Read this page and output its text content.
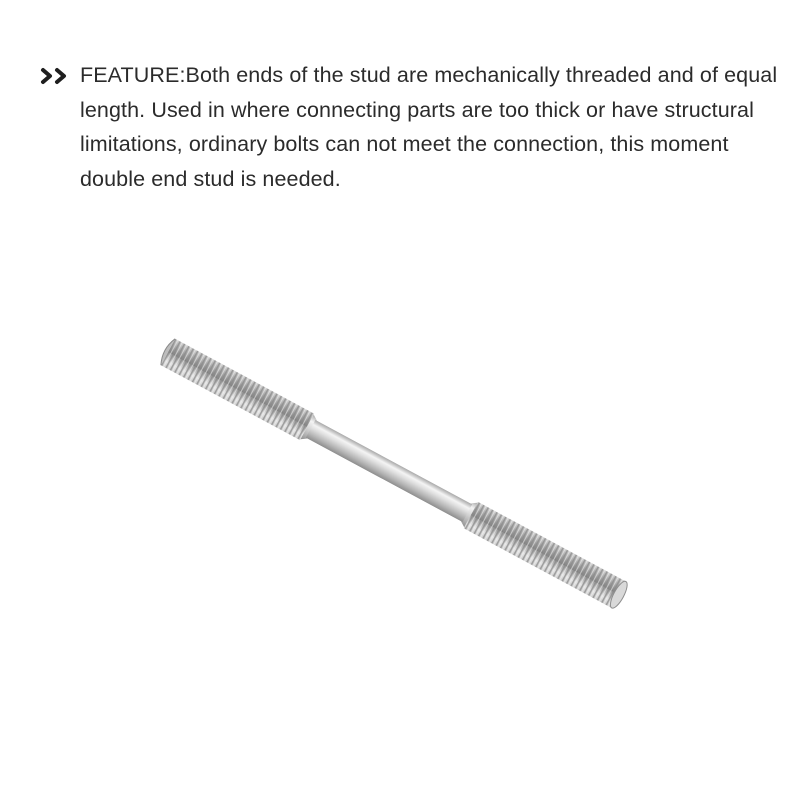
FEATURE:Both ends of the stud are mechanically threaded and of equal length. Used in where connecting parts are too thick or have structural limitations, ordinary bolts can not meet the connection, this moment double end stud is needed.
